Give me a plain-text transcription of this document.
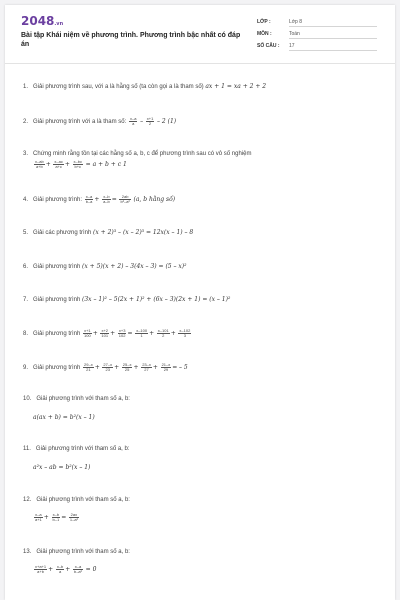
2048.vn
Bài tập Khái niệm về phương trình. Phương trình bậc nhất có đáp án
LỚP :	Lớp 8
MÔN :	Toán
SỐ CÂU :	17
1. Giải phương trình sau, với a là hằng số (ta còn gọi a là tham số) ax + 1 = xa + 2 + 2
2. Giải phương trình với a là tham số: $\frac{x-a}{a} - \frac{x+1}{2} - 2$ (1)
3. Chứng minh rằng tồn tại các hằng số a, b, c để phương trình sau có vô số nghiệm
$\frac{x-ab}{a+b} + \frac{x-ac}{a+c} + \frac{x-bc}{b+c} = a + b + c$ 1
4. Giải phương trình: $\frac{x-a}{b-a} + \frac{x-b}{a-b} = \frac{2ab}{\text{b²–a²}} (a$, b hằng số)
5. Giải các phương trình (x + 2)³ – (x – 2)³ = 12x(x – 1) – 8
6. Giải phương trình (x + 5)(x + 2) – 3(4x – 3) = (5 – x)²
7. Giải phương trình (3x – 1)² – 5(2x + 1)² + (6x – 3)(2x + 1) = (x – 1)²
8. Giải phương trình $\frac{x+1}{100} + \frac{x+2}{101} + \frac{x+3}{102} = \frac{x-100}{1} + \frac{x-101}{2} + \frac{x-102}{3}$
9. Giải phương trình $\frac{29-x}{21} + \frac{27-x}{23} + \frac{25-x}{25} + \frac{23-x}{27} + \frac{21-x}{29}$ = – 5
10. Giải phương trình với tham số a, b:
a(ax + b) = b²(x – 1)
11. Giải phương trình với tham số a, b:
a²x – ab = b²(x – 1)
12. Giải phương trình với tham số a, b:
$\frac{x-a}{a+1} + \frac{x-b}{b-1} = \frac{2ax}{\text{1–a²}}$
13. Giải phương trình với tham số a, b:
$\frac{x+a+1}{a+b} + \frac{x-b}{a} + \frac{x-a}{\text{b–a²}} = 0$
